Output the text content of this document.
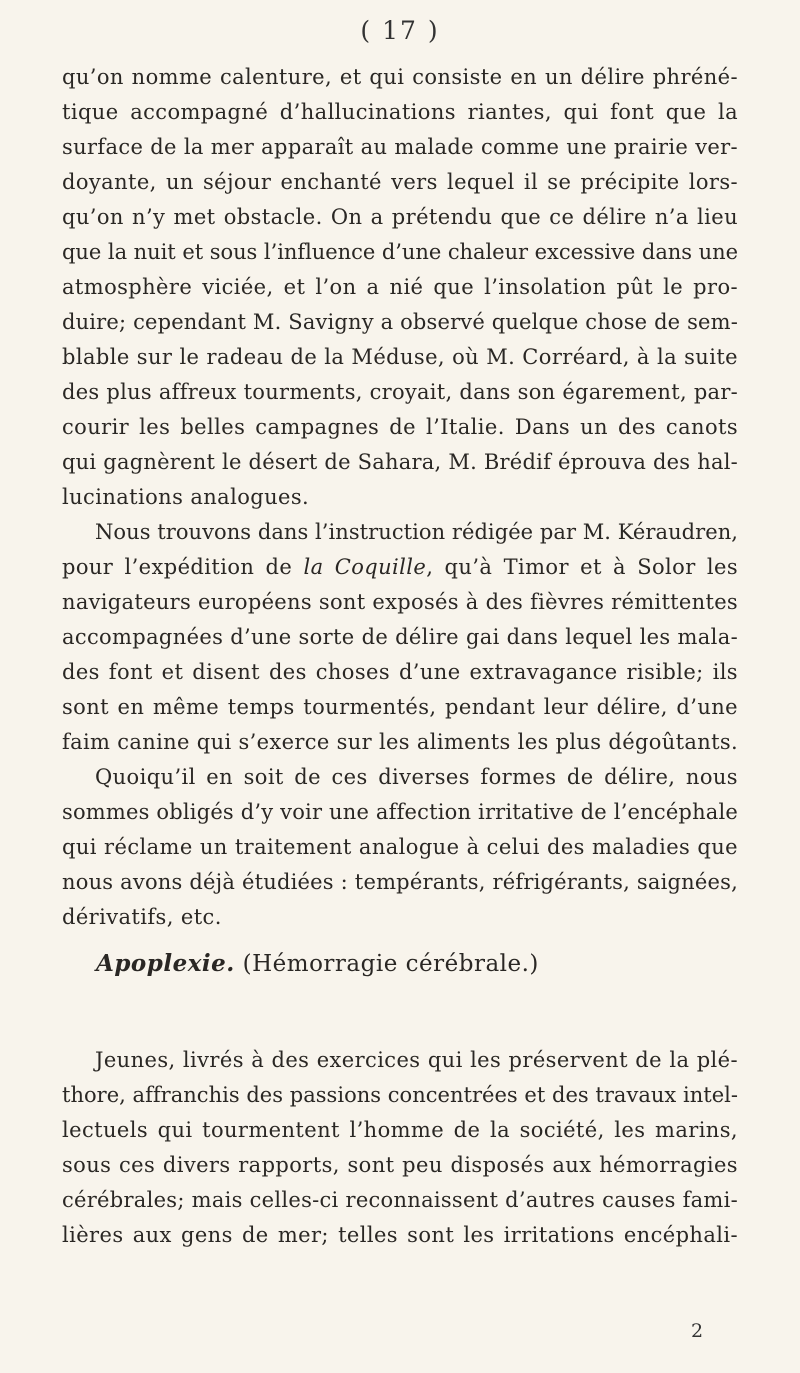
( 17 )
qu’on nomme calenture, et qui consiste en un délire phréné-
tique accompagné d’hallucinations riantes, qui font que la
surface de la mer apparaît au malade comme une prairie ver-
doyante, un séjour enchanté vers lequel il se précipite lors-
qu’on n’y met obstacle. On a prétendu que ce délire n’a lieu
que la nuit et sous l’influence d’une chaleur excessive dans une
atmosphère viciée, et l’on a nié que l’insolation pût le pro-
duire; cependant M. Savigny a observé quelque chose de sem-
blable sur le radeau de la Méduse, où M. Corréard, à la suite
des plus affreux tourments, croyait, dans son égarement, par-
courir les belles campagnes de l’Italie. Dans un des canots
qui gagnèrent le désert de Sahara, M. Brédif éprouva des hal-
lucinations analogues.
Nous trouvons dans l’instruction rédigée par M. Kéraudren,
pour l’expédition de la Coquille, qu’à Timor et à Solor les
navigateurs européens sont exposés à des fièvres rémittentes
accompagnées d’une sorte de délire gai dans lequel les mala-
des font et disent des choses d’une extravagance risible; ils
sont en même temps tourmentés, pendant leur délire, d’une
faim canine qui s’exerce sur les aliments les plus dégoûtants.
Quoiqu’il en soit de ces diverses formes de délire, nous
sommes obligés d’y voir une affection irritative de l’encéphale
qui réclame un traitement analogue à celui des maladies que
nous avons déjà étudiées : tempérants, réfrigérants, saignées,
dérivatifs, etc.
Apoplexie. (Hémorragie cérébrale.)
Jeunes, livrés à des exercices qui les préservent de la plé-
thore, affranchis des passions concentrées et des travaux intel-
lectuels qui tourmentent l’homme de la société, les marins,
sous ces divers rapports, sont peu disposés aux hémorragies
cérébrales; mais celles-ci reconnaissent d’autres causes fami-
lières aux gens de mer; telles sont les irritations encéphali-
2
